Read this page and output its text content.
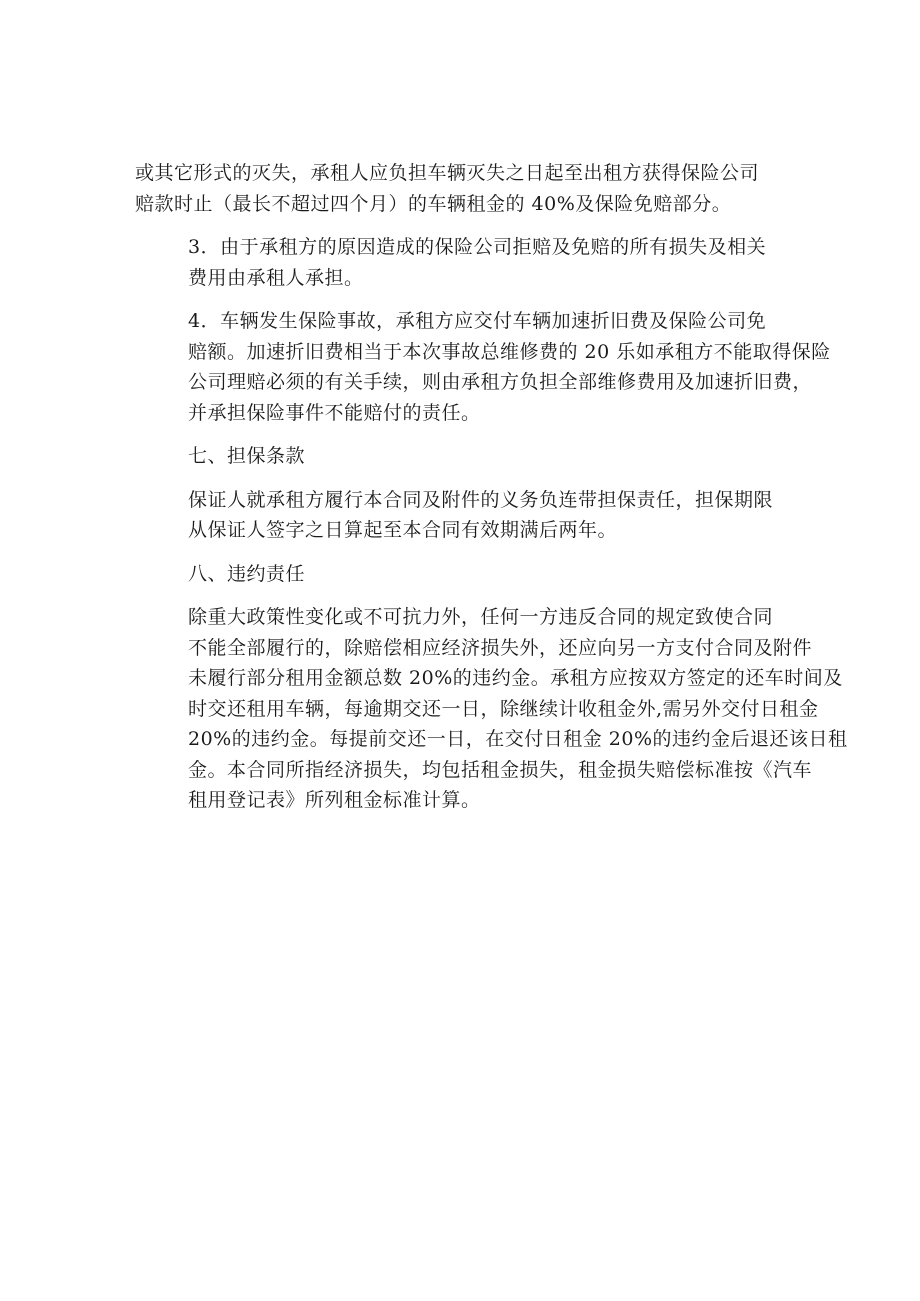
或其它形式的灭失，承租人应负担车辆灭失之日起至出租方获得保险公司
赔款时止（最长不超过四个月）的车辆租金的 40%及保险免赔部分。

3．由于承租方的原因造成的保险公司拒赔及免赔的所有损失及相关
费用由承租人承担。

4．车辆发生保险事故，承租方应交付车辆加速折旧费及保险公司免
赔额。加速折旧费相当于本次事故总维修费的 20 乐如承租方不能取得保险
公司理赔必须的有关手续，则由承租方负担全部维修费用及加速折旧费，
并承担保险事件不能赔付的责任。

七、担保条款

保证人就承租方履行本合同及附件的义务负连带担保责任，担保期限
从保证人签字之日算起至本合同有效期满后两年。

八、违约责任

除重大政策性变化或不可抗力外，任何一方违反合同的规定致使合同
不能全部履行的，除赔偿相应经济损失外，还应向另一方支付合同及附件
未履行部分租用金额总数 20%的违约金。承租方应按双方签定的还车时间及
时交还租用车辆，每逾期交还一日，除继续计收租金外,需另外交付日租金
20%的违约金。每提前交还一日，在交付日租金 20%的违约金后退还该日租
金。本合同所指经济损失，均包括租金损失，租金损失赔偿标准按《汽车
租用登记表》所列租金标准计算。
